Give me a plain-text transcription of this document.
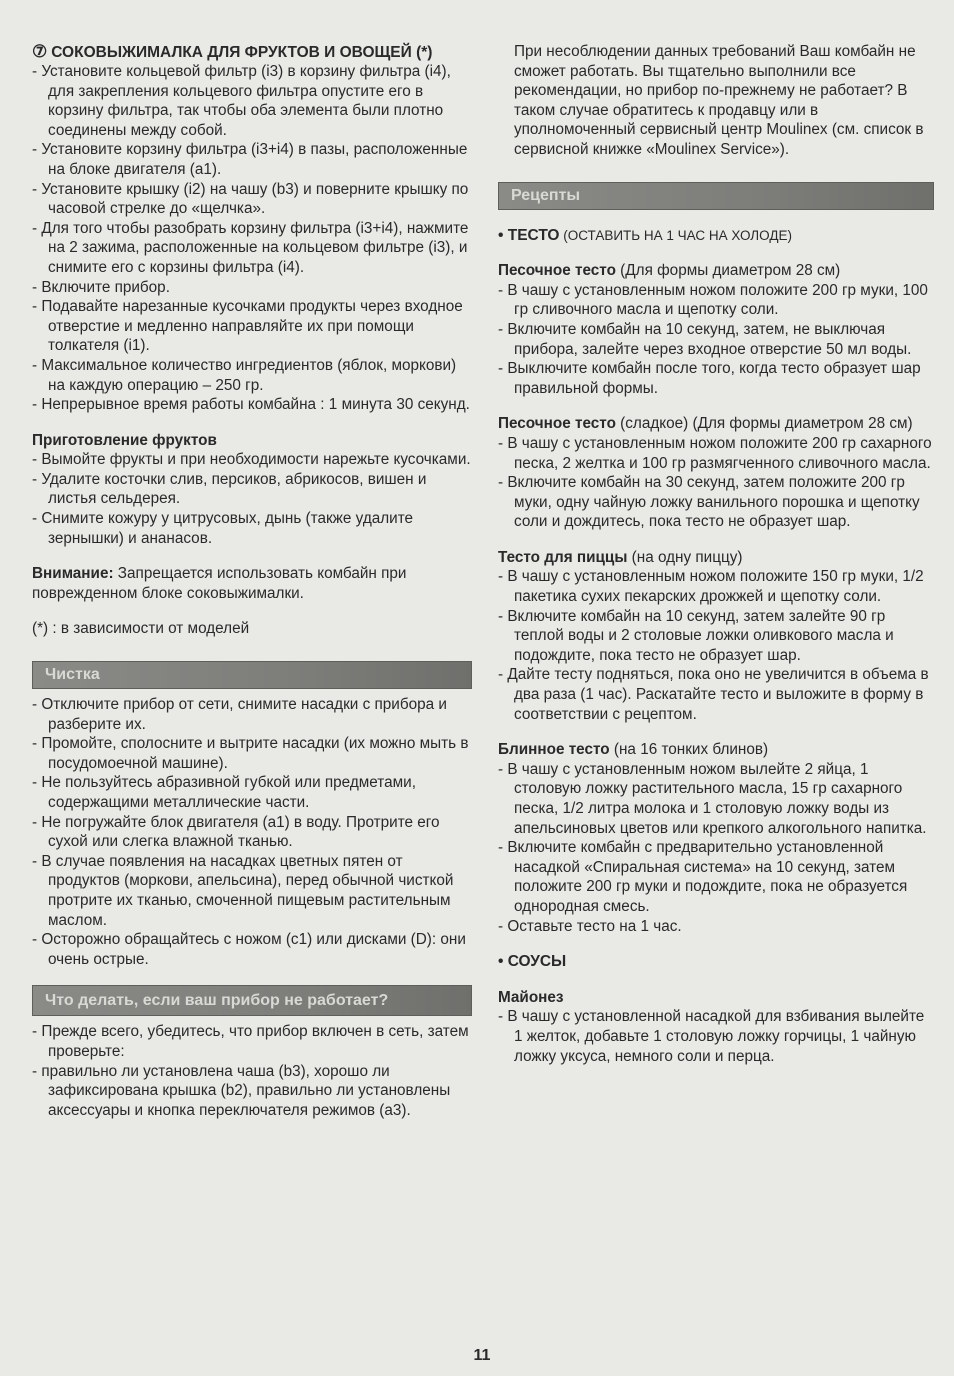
⑦ СОКОВЫЖИМАЛКА ДЛЯ ФРУКТОВ И ОВОЩЕЙ (*)

- Установите кольцевой фильтр (i3) в корзину фильтра (i4), для закрепления кольцевого фильтра опустите его в корзину фильтра, так чтобы оба элемента были плотно соединены между собой.

- Установите корзину фильтра (i3+i4) в пазы, расположенные на блоке двигателя (a1).

- Установите крышку (i2) на чашу (b3) и поверните крышку по часовой стрелке до «щелчка».

- Для того чтобы разобрать корзину фильтра (i3+i4), нажмите на 2 зажима, расположенные на кольцевом фильтре (i3), и снимите его с корзины фильтра (i4).

- Включите прибор.

- Подавайте нарезанные кусочками продукты через входное отверстие и медленно направляйте их при помощи толкателя (i1).

- Максимальное количество ингредиентов (яблок, моркови) на каждую операцию – 250 гр.

- Непрерывное время работы комбайна : 1 минута 30 секунд.

Приготовление фруктов

- Вымойте фрукты и при необходимости нарежьте кусочками.

- Удалите косточки слив, персиков, абрикосов, вишен и листья сельдерея.

- Снимите кожуру у цитрусовых, дынь (также удалите зернышки) и ананасов.

Внимание: Запрещается использовать комбайн при поврежденном блоке соковыжималки.

(*) : в зависимости от моделей

Чистка

- Отключите прибор от сети, снимите насадки с прибора и разберите их.

- Промойте, сполосните и вытрите насадки (их можно мыть в посудомоечной машине).

- Не пользуйтесь абразивной губкой или предметами, содержащими металлические части.

- Не погружайте блок двигателя (a1) в воду. Протрите его сухой или слегка влажной тканью.

- В случае появления на насадках цветных пятен от продуктов (моркови, апельсина), перед обычной чисткой протрите их тканью, смоченной пищевым растительным маслом.

- Осторожно обращайтесь с ножом (c1) или дисками (D): они очень острые.

Что делать, если ваш прибор не работает?

- Прежде всего, убедитесь, что прибор включен в сеть, затем проверьте:

- правильно ли установлена чаша (b3), хорошо ли зафиксирована крышка (b2), правильно ли установлены аксессуары и кнопка переключателя режимов (a3).

При несоблюдении данных требований Ваш комбайн не сможет работать. Вы тщательно выполнили все рекомендации, но прибор по-прежнему не работает? В таком случае обратитесь к продавцу или в уполномоченный сервисный центр Moulinex (см. список в сервисной книжке «Moulinex Service»).

Рецепты

• ТЕСТО (ОСТАВИТЬ НА 1 ЧАС НА ХОЛОДЕ)

Песочное тесто (Для формы диаметром 28 см)

- В чашу с установленным ножом положите 200 гр муки, 100 гр сливочного масла и щепотку соли.

- Включите комбайн на 10 секунд, затем, не выключая прибора, залейте через входное отверстие 50 мл воды.

- Выключите комбайн после того, когда тесто образует шар правильной формы.

Песочное тесто (сладкое) (Для формы диаметром 28 см)

- В чашу с установленным ножом положите 200 гр сахарного песка, 2 желтка и 100 гр размягченного сливочного масла.

- Включите комбайн на 30 секунд, затем положите 200 гр муки, одну чайную ложку ванильного порошка и щепотку соли и дождитесь, пока тесто не образует шар.

Тесто для пиццы (на одну пиццу)

- В чашу с установленным ножом положите 150 гр муки, 1/2 пакетика сухих пекарских дрожжей и щепотку соли.

- Включите комбайн на 10 секунд, затем залейте 90 гр теплой воды и 2 столовые ложки оливкового масла и подождите, пока тесто не образует шар.

- Дайте тесту подняться, пока оно не увеличится в объема в два раза (1 час). Раскатайте тесто и выложите в форму в соответствии с рецептом.

Блинное тесто (на 16 тонких блинов)

- В чашу с установленным ножом вылейте 2 яйца, 1 столовую ложку растительного масла, 15 гр сахарного песка, 1/2 литра молока и 1 столовую ложку воды из апельсиновых цветов или крепкого алкогольного напитка.

- Включите комбайн с предварительно установленной насадкой «Спиральная система» на 10 секунд, затем положите 200 гр муки и подождите, пока не образуется однородная смесь.

- Оставьте тесто на 1 час.

• СОУСЫ

Майонез

- В чашу с установленной насадкой для взбивания вылейте 1 желток, добавьте 1 столовую ложку горчицы, 1 чайную ложку уксуса, немного соли и перца.

11
